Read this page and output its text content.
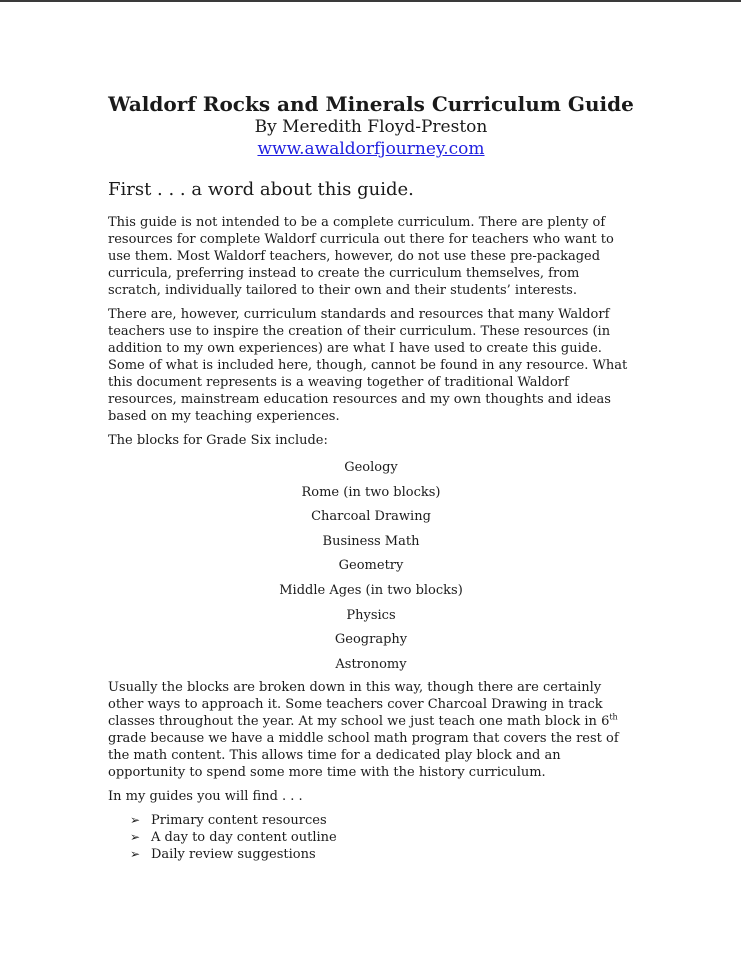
Waldorf Rocks and Minerals Curriculum Guide

By Meredith Floyd-Preston

www.awaldorfjourney.com

First . . . a word about this guide.

This guide is not intended to be a complete curriculum. There are plenty of resources for complete Waldorf curricula out there for teachers who want to use them. Most Waldorf teachers, however, do not use these pre-packaged curricula, preferring instead to create the curriculum themselves, from scratch, individually tailored to their own and their students’ interests.

There are, however, curriculum standards and resources that many Waldorf teachers use to inspire the creation of their curriculum. These resources (in addition to my own experiences) are what I have used to create this guide. Some of what is included here, though, cannot be found in any resource. What this document represents is a weaving together of traditional Waldorf resources, mainstream education resources and my own thoughts and ideas based on my teaching experiences.

The blocks for Grade Six include:

Geology
Rome (in two blocks)
Charcoal Drawing
Business Math
Geometry
Middle Ages (in two blocks)
Physics
Geography
Astronomy

Usually the blocks are broken down in this way, though there are certainly other ways to approach it. Some teachers cover Charcoal Drawing in track classes throughout the year. At my school we just teach one math block in 6th grade because we have a middle school math program that covers the rest of the math content. This allows time for a dedicated play block and an opportunity to spend some more time with the history curriculum.

In my guides you will find . . .

➢ Primary content resources
➢ A day to day content outline
➢ Daily review suggestions
